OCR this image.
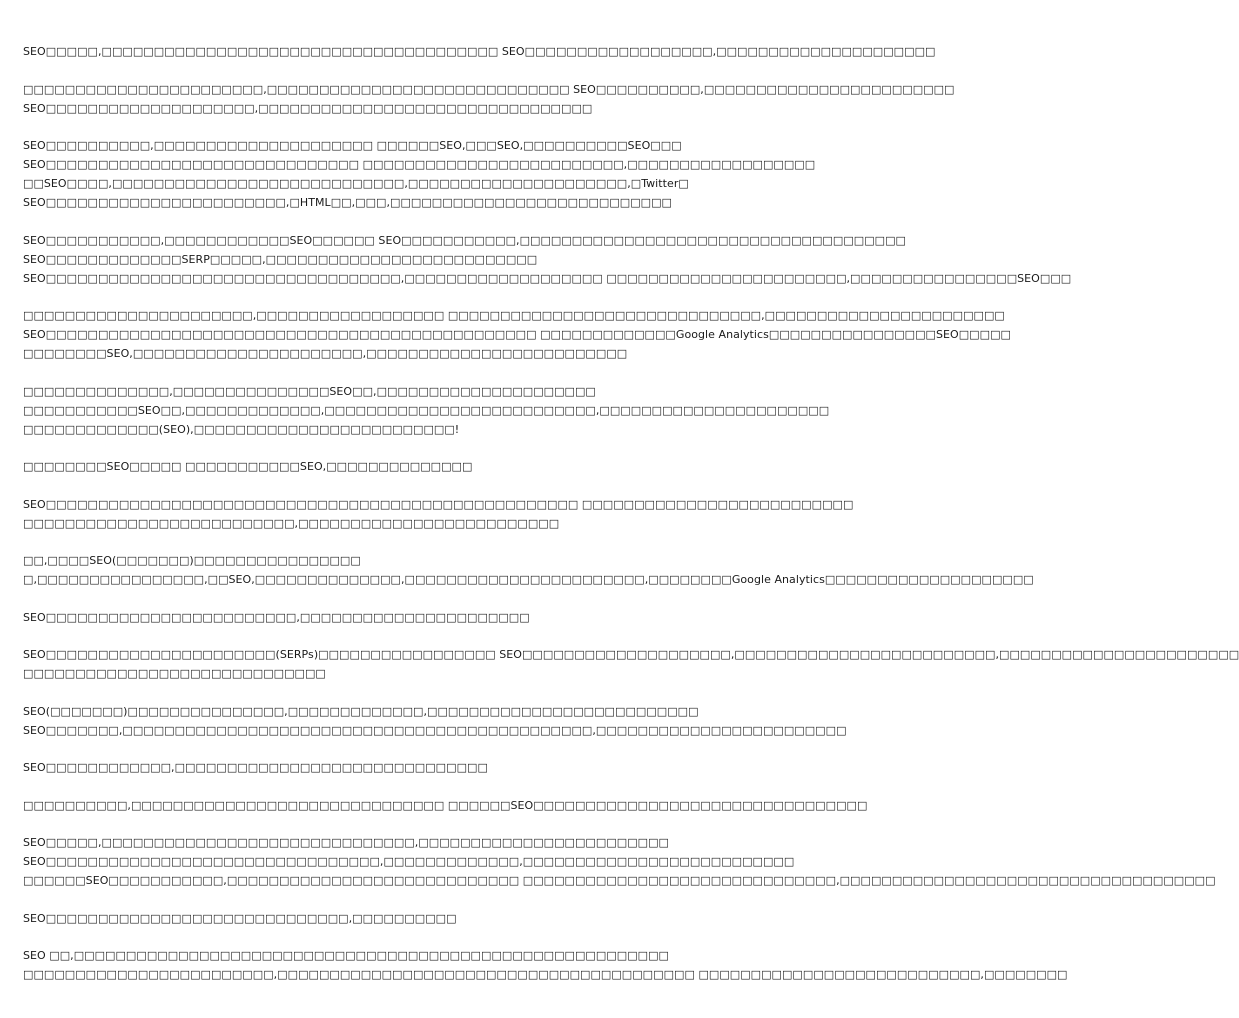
SEO□□□□□,□□□□□□□□□□□□□□□□□□□□□□□□□□□□□□□□□□□□□□ SEO□□□□□□□□□□□□□□□□□□,□□□□□□□□□□□□□□□□□□□□□
□□□□□□□□□□□□□□□□□□□□□□□,□□□□□□□□□□□□□□□□□□□□□□□□□□□□□ SEO□□□□□□□□□□,□□□□□□□□□□□□□□□□□□□□□□□□
SEO□□□□□□□□□□□□□□□□□□□□,□□□□□□□□□□□□□□□□□□□□□□□□□□□□□□□□
SEO□□□□□□□□□□,□□□□□□□□□□□□□□□□□□□□□ □□□□□□SEO,□□□SEO,□□□□□□□□□□SEO□□□
SEO□□□□□□□□□□□□□□□□□□□□□□□□□□□□□□ □□□□□□□□□□□□□□□□□□□□□□□□□,□□□□□□□□□□□□□□□□□□
□□SEO□□□□,□□□□□□□□□□□□□□□□□□□□□□□□□□□□,□□□□□□□□□□□□□□□□□□□□□,□Twitter□
SEO□□□□□□□□□□□□□□□□□□□□□□□,□HTML□□,□□□,□□□□□□□□□□□□□□□□□□□□□□□□□□□
SEO□□□□□□□□□□□,□□□□□□□□□□□□SEO□□□□□□ SEO□□□□□□□□□□□,□□□□□□□□□□□□□□□□□□□□□□□□□□□□□□□□□□□□□
SEO□□□□□□□□□□□□□SERP□□□□□,□□□□□□□□□□□□□□□□□□□□□□□□□□
SEO□□□□□□□□□□□□□□□□□□□□□□□□□□□□□□□□□□,□□□□□□□□□□□□□□□□□□□ □□□□□□□□□□□□□□□□□□□□□□□,□□□□□□□□□□□□□□□□SEO□□□
□□□□□□□□□□□□□□□□□□□□□□,□□□□□□□□□□□□□□□□□□ □□□□□□□□□□□□□□□□□□□□□□□□□□□□□□,□□□□□□□□□□□□□□□□□□□□□□□
SEO□□□□□□□□□□□□□□□□□□□□□□□□□□□□□□□□□□□□□□□□□□□□□□□ □□□□□□□□□□□□□Google Analytics□□□□□□□□□□□□□□□□SEO□□□□□
□□□□□□□□SEO,□□□□□□□□□□□□□□□□□□□□□□,□□□□□□□□□□□□□□□□□□□□□□□□□
□□□□□□□□□□□□□□,□□□□□□□□□□□□□□□SEO□□,□□□□□□□□□□□□□□□□□□□□□
□□□□□□□□□□□SEO□□,□□□□□□□□□□□□□,□□□□□□□□□□□□□□□□□□□□□□□□□□,□□□□□□□□□□□□□□□□□□□□□□
□□□□□□□□□□□□□(SEO),□□□□□□□□□□□□□□□□□□□□□□□□□!
□□□□□□□□SEO□□□□□ □□□□□□□□□□□SEO,□□□□□□□□□□□□□□
SEO□□□□□□□□□□□□□□□□□□□□□□□□□□□□□□□□□□□□□□□□□□□□□□□□□□□ □□□□□□□□□□□□□□□□□□□□□□□□□□
□□□□□□□□□□□□□□□□□□□□□□□□□□,□□□□□□□□□□□□□□□□□□□□□□□□□
□□,□□□□SEO(□□□□□□□)□□□□□□□□□□□□□□□□
□,□□□□□□□□□□□□□□□□,□□SEO,□□□□□□□□□□□□□□,□□□□□□□□□□□□□□□□□□□□□□□,□□□□□□□□Google Analytics□□□□□□□□□□□□□□□□□□□□
SEO□□□□□□□□□□□□□□□□□□□□□□□□,□□□□□□□□□□□□□□□□□□□□□□
SEO□□□□□□□□□□□□□□□□□□□□□□(SERPs)□□□□□□□□□□□□□□□□□ SEO□□□□□□□□□□□□□□□□□□□□,□□□□□□□□□□□□□□□□□□□□□□□□□,□□□□□□□□□□□□□□□□□□□□□□□
□□□□□□□□□□□□□□□□□□□□□□□□□□□□□
SEO(□□□□□□□)□□□□□□□□□□□□□□□,□□□□□□□□□□□□□,□□□□□□□□□□□□□□□□□□□□□□□□□□
SEO□□□□□□□,□□□□□□□□□□□□□□□□□□□□□□□□□□□□□□□□□□□□□□□□□□□□□,□□□□□□□□□□□□□□□□□□□□□□□□
SEO□□□□□□□□□□□□,□□□□□□□□□□□□□□□□□□□□□□□□□□□□□□
□□□□□□□□□□,□□□□□□□□□□□□□□□□□□□□□□□□□□□□□□ □□□□□□SEO□□□□□□□□□□□□□□□□□□□□□□□□□□□□□□□□
SEO□□□□□,□□□□□□□□□□□□□□□□□□□□□□□□□□□□□□,□□□□□□□□□□□□□□□□□□□□□□□□
SEO□□□□□□□□□□□□□□□□□□□□□□□□□□□□□□□□,□□□□□□□□□□□□□,□□□□□□□□□□□□□□□□□□□□□□□□□□
□□□□□□SEO□□□□□□□□□□□,□□□□□□□□□□□□□□□□□□□□□□□□□□□□ □□□□□□□□□□□□□□□□□□□□□□□□□□□□□□,□□□□□□□□□□□□□□□□□□□□□□□□□□□□□□□□□□□□
SEO□□□□□□□□□□□□□□□□□□□□□□□□□□□□□,□□□□□□□□□□
SEO □□,□□□□□□□□□□□□□□□□□□□□□□□□□□□□□□□□□□□□□□□□□□□□□□□□□□□□□□□□□
□□□□□□□□□□□□□□□□□□□□□□□□,□□□□□□□□□□□□□□□□□□□□□□□□□□□□□□□□□□□□□□□□ □□□□□□□□□□□□□□□□□□□□□□□□□□□,□□□□□□□□
